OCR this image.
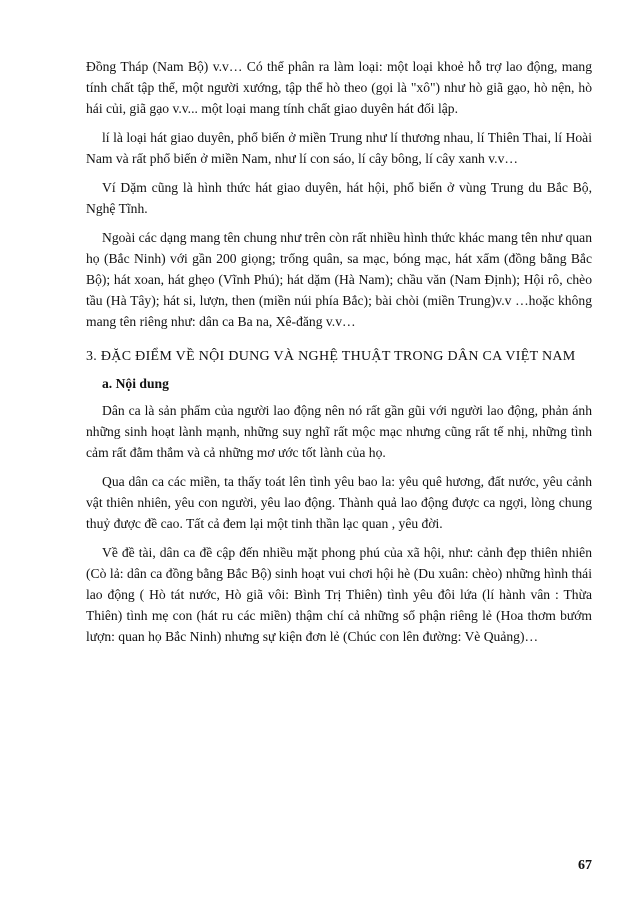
Đồng Tháp (Nam Bộ) v.v… Có thể phân ra làm loại: một loại khoẻ hỗ trợ lao động, mang tính chất tập thể, một người xướng, tập thể hò theo (gọi là "xô") như hò giã gạo, hò nện, hò hái củi, giã gạo v.v... một loại mang tính chất giao duyên hát đối lập.

lí là loại hát giao duyên, phổ biến ở miền Trung như lí thương nhau, lí Thiên Thai, lí Hoài Nam và rất phổ biến ở miền Nam, như lí con sáo, lí cây bông, lí cây xanh v.v…

Ví Dặm cũng là hình thức hát giao duyên, hát hội, phổ biến ở vùng Trung du Bắc Bộ, Nghệ Tĩnh.

Ngoài các dạng mang tên chung như trên còn rất nhiều hình thức khác mang tên như quan họ (Bắc Ninh) với gần 200 giọng; trống quân, sa mạc, bóng mạc, hát xẩm (đồng bằng Bắc Bộ); hát xoan, hát ghẹo (Vĩnh Phú); hát dặm (Hà Nam); chầu văn (Nam Định); Hội rô, chèo tầu (Hà Tây); hát si, lượn, then (miền núi phía Bắc); bài chòi (miền Trung)v.v …hoặc không mang tên riêng như: dân ca Ba na, Xê-đăng v.v…

3. ĐẶC ĐIỂM VỀ NỘI DUNG VÀ NGHỆ THUẬT TRONG DÂN CA VIỆT NAM

a. Nội dung

Dân ca là sản phẩm của người lao động nên nó rất gần gũi với người lao động, phản ánh những sinh hoạt lành mạnh, những suy nghĩ rất mộc mạc nhưng cũng rất tế nhị, những tình cảm rất đằm thắm và cả những mơ ước tốt lành của họ.

Qua dân ca các miền, ta thấy toát lên tình yêu bao la: yêu quê hương, đất nước, yêu cảnh vật thiên nhiên, yêu con người, yêu lao động. Thành quả lao động được ca ngợi, lòng chung thuỷ được đề cao. Tất cả đem lại một tinh thần lạc quan , yêu đời.

Về đề tài, dân ca đề cập đến nhiều mặt phong phú của xã hội, như: cảnh đẹp thiên nhiên (Cò lả: dân ca đồng bằng Bắc Bộ) sinh hoạt vui chơi hội hè (Du xuân: chèo) những hình thái lao động ( Hò tát nước, Hò giã vôi: Bình Trị Thiên) tình yêu đôi lứa (lí hành vân : Thừa Thiên) tình mẹ con (hát ru các miền) thậm chí cả những số phận riêng lẻ (Hoa thơm bướm lượn: quan họ Bắc Ninh) nhưng sự kiện đơn lẻ (Chúc con lên đường: Vè Quảng)…

67
